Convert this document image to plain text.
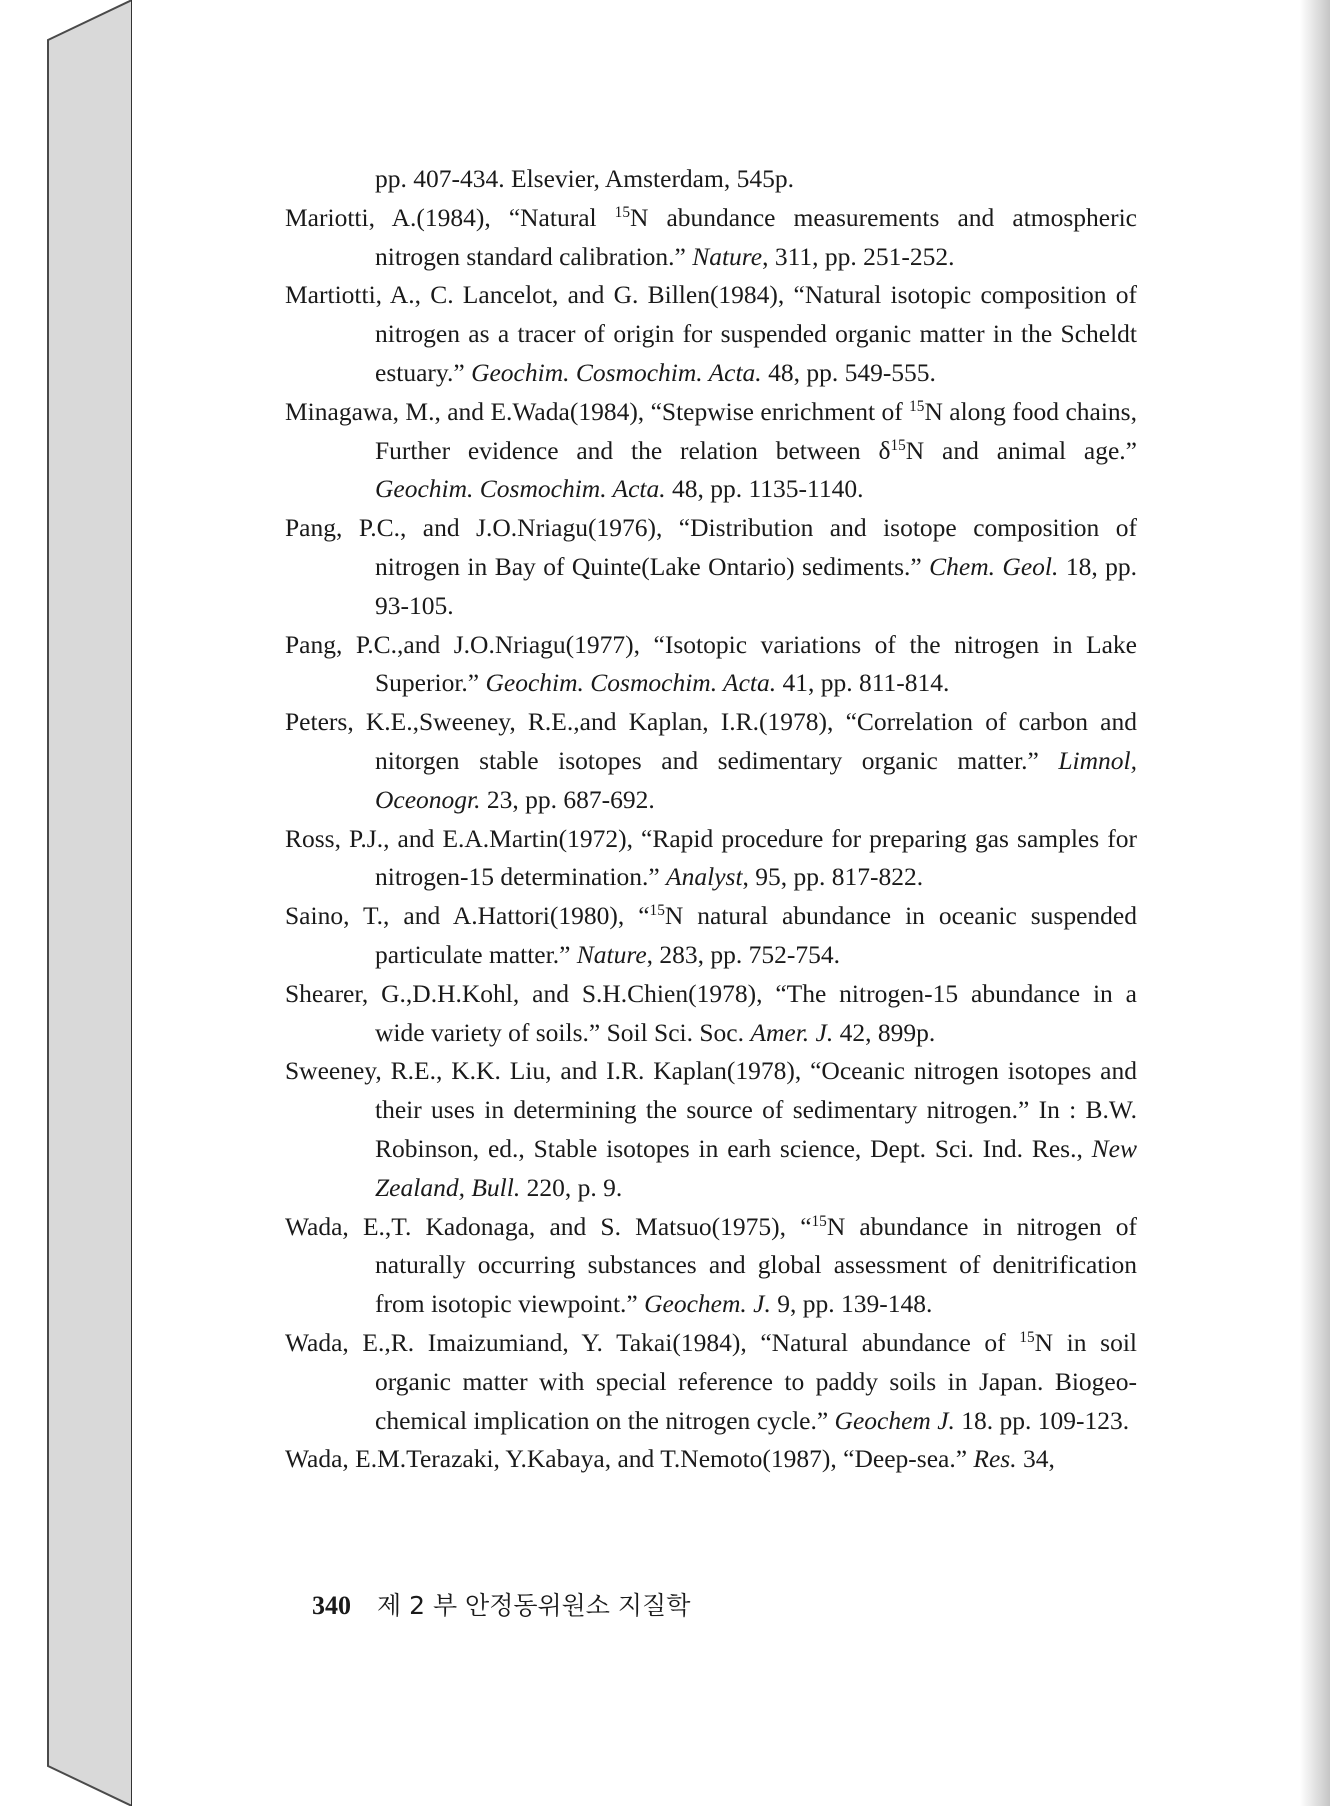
pp. 407-434. Elsevier, Amsterdam, 545p.
Mariotti, A.(1984), “Natural $^{15}$N abundance measurements and atmospheric nitrogen standard calibration.” Nature, 311, pp. 251-252.
Martiotti, A., C. Lancelot, and G. Billen(1984), “Natural isotopic composition of nitrogen as a tracer of origin for suspended organic matter in the Scheldt estuary.” Geochim. Cosmochim. Acta. 48, pp. 549-555.
Minagawa, M., and E.Wada(1984), “Stepwise enrichment of $^{15}$N along food chains, Further evidence and the relation between $\delta^{15}N$ and animal age.” Geochim. Cosmochim. Acta. 48, pp. 1135-1140.
Pang, P.C., and J.O.Nriagu(1976), “Distribution and isotope composition of nitrogen in Bay of Quinte(Lake Ontario) sediments.” Chem. Geol. 18, pp. 93-105.
Pang, P.C.,and J.O.Nriagu(1977), “Isotopic variations of the nitrogen in Lake Superior.” Geochim. Cosmochim. Acta. 41, pp. 811-814.
Peters, K.E.,Sweeney, R.E.,and Kaplan, I.R.(1978), “Correlation of carbon and nitorgen stable isotopes and sedimentary organic matter.” Limnol, Oceonogr. 23, pp. 687-692.
Ross, P.J., and E.A.Martin(1972), “Rapid procedure for preparing gas samples for nitrogen-15 determination.” Analyst, 95, pp. 817-822.
Saino, T., and A.Hattori(1980), “$^{15}$N natural abundance in oceanic suspended particulate matter.” Nature, 283, pp. 752-754.
Shearer, G.,D.H.Kohl, and S.H.Chien(1978), “The nitrogen-15 abundance in a wide variety of soils.” Soil Sci. Soc. Amer. J. 42, 899p.
Sweeney, R.E., K.K. Liu, and I.R. Kaplan(1978), “Oceanic nitrogen isotopes and their uses in determining the source of sedimentary nitrogen.” In : B.W. Robinson, ed., Stable isotopes in earh science, Dept. Sci. Ind. Res., New Zealand, Bull. 220, p. 9.
Wada, E.,T. Kadonaga, and S. Matsuo(1975), “$^{15}$N abundance in nitrogen of naturally occurring substances and global assessment of denitrification from isotopic viewpoint.” Geochem. J. 9, pp. 139-148.
Wada, E.,R. Imaizumiand, Y. Takai(1984), “Natural abundance of $^{15}$N in soil organic matter with special reference to paddy soils in Japan. Biogeo-chemical implication on the nitrogen cycle.” Geochem J. 18. pp. 109-123.
Wada, E.M.Terazaki, Y.Kabaya, and T.Nemoto(1987), “Deep-sea.” Res. 34,
340 제 2 부 안정동위원소 지질학
